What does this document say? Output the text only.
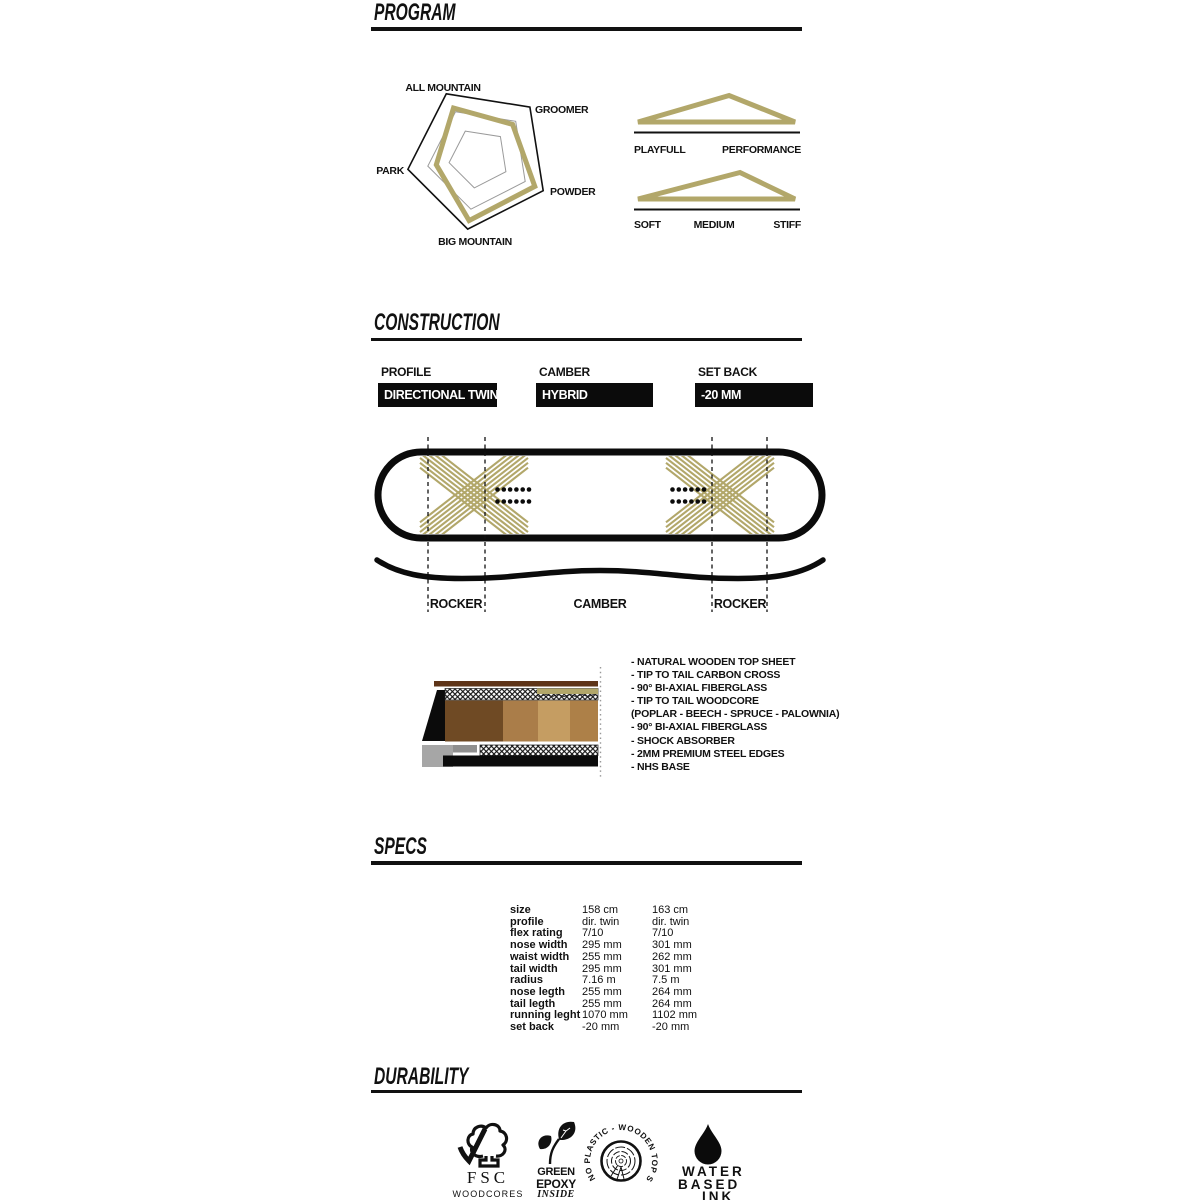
PROGRAM
ALL MOUNTAIN
GROOMER
POWDER
BIG MOUNTAIN
PARK
PLAYFULL	PERFORMANCE
SOFT	MEDIUM	STIFF
CONSTRUCTION
PROFILE
DIRECTIONAL TWIN
CAMBER
HYBRID
SET BACK
-20 MM
ROCKER	CAMBER	ROCKER
- NATURAL WOODEN TOP SHEET
- TIP TO TAIL CARBON CROSS
- 90° BI-AXIAL FIBERGLASS
- TIP TO TAIL WOODCORE
(POPLAR - BEECH - SPRUCE - PALOWNIA)
- 90° BI-AXIAL FIBERGLASS
- SHOCK ABSORBER
- 2MM PREMIUM STEEL EDGES
- NHS BASE
SPECS
size	158 cm	163 cm
profile	dir. twin	dir. twin
flex rating	7/10	7/10
nose width	295 mm	301 mm
waist width	255 mm	262 mm
tail width	295 mm	301 mm
radius	7.16 m	7.5 m
nose legth	255 mm	264 mm
tail legth	255 mm	264 mm
running leght 1070 mm	1102 mm
set back	-20 mm	-20 mm
DURABILITY
FSC
WOODCORES
GREEN
EPOXY
INSIDE
NO PLASTIC - WOODEN TOP SHEET -
WATER
BASED
INK
